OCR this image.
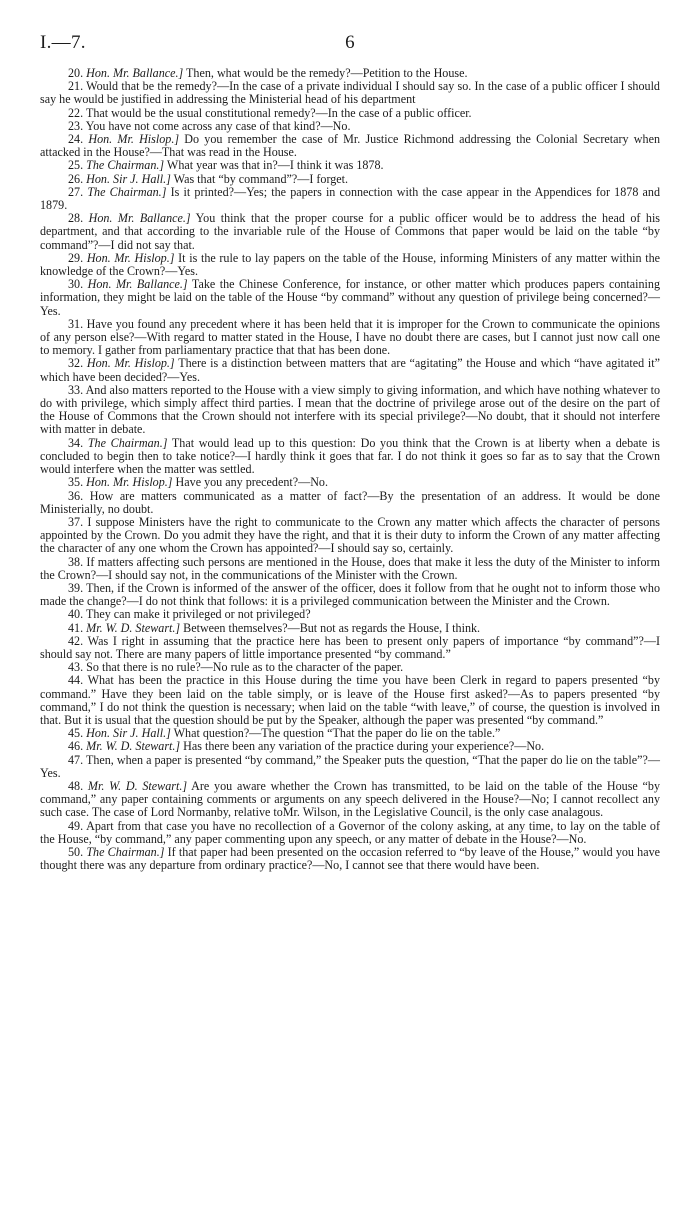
I.—7.	6

20. Hon. Mr. Ballance.] Then, what would be the remedy?—Petition to the House.

21. Would that be the remedy?—In the case of a private individual I should say so. In the case of a public officer I should say he would be justified in addressing the Ministerial head of his department

22. That would be the usual constitutional remedy?—In the case of a public officer.

23. You have not come across any case of that kind?—No.

24. Hon. Mr. Hislop.] Do you remember the case of Mr. Justice Richmond addressing the Colonial Secretary when attacked in the House?—That was read in the House.

25. The Chairman.] What year was that in?—I think it was 1878.

26. Hon. Sir J. Hall.] Was that “by command”?—I forget.

27. The Chairman.] Is it printed?—Yes; the papers in connection with the case appear in the Appendices for 1878 and 1879.

28. Hon. Mr. Ballance.] You think that the proper course for a public officer would be to address the head of his department, and that according to the invariable rule of the House of Commons that paper would be laid on the table “by command”?—I did not say that.

29. Hon. Mr. Hislop.] It is the rule to lay papers on the table of the House, informing Ministers of any matter within the knowledge of the Crown?—Yes.

30. Hon. Mr. Ballance.] Take the Chinese Conference, for instance, or other matter which produces papers containing information, they might be laid on the table of the House “by command” without any question of privilege being concerned?—Yes.

31. Have you found any precedent where it has been held that it is improper for the Crown to communicate the opinions of any person else?—With regard to matter stated in the House, I have no doubt there are cases, but I cannot just now call one to memory. I gather from parliamentary practice that that has been done.

32. Hon. Mr. Hislop.] There is a distinction between matters that are “agitating” the House and which “have agitated it” which have been decided?—Yes.

33. And also matters reported to the House with a view simply to giving information, and which have nothing whatever to do with privilege, which simply affect third parties. I mean that the doctrine of privilege arose out of the desire on the part of the House of Commons that the Crown should not interfere with its special privilege?—No doubt, that it should not interfere with matter in debate.

34. The Chairman.] That would lead up to this question: Do you think that the Crown is at liberty when a debate is concluded to begin then to take notice?—I hardly think it goes that far. I do not think it goes so far as to say that the Crown would interfere when the matter was settled.

35. Hon. Mr. Hislop.] Have you any precedent?—No.

36. How are matters communicated as a matter of fact?—By the presentation of an address. It would be done Ministerially, no doubt.

37. I suppose Ministers have the right to communicate to the Crown any matter which affects the character of persons appointed by the Crown. Do you admit they have the right, and that it is their duty to inform the Crown of any matter affecting the character of any one whom the Crown has appointed?—I should say so, certainly.

38. If matters affecting such persons are mentioned in the House, does that make it less the duty of the Minister to inform the Crown?—I should say not, in the communications of the Minister with the Crown.

39. Then, if the Crown is informed of the answer of the officer, does it follow from that he ought not to inform those who made the change?—I do not think that follows: it is a privileged communication between the Minister and the Crown.

40. They can make it privileged or not privileged?

41. Mr. W. D. Stewart.] Between themselves?—But not as regards the House, I think.

42. Was I right in assuming that the practice here has been to present only papers of importance “by command”?—I should say not. There are many papers of little importance presented “by command.”

43. So that there is no rule?—No rule as to the character of the paper.

44. What has been the practice in this House during the time you have been Clerk in regard to papers presented “by command.” Have they been laid on the table simply, or is leave of the House first asked?—As to papers presented “by command,” I do not think the question is necessary; when laid on the table “with leave,” of course, the question is involved in that. But it is usual that the question should be put by the Speaker, although the paper was presented “by command.”

45. Hon. Sir J. Hall.] What question?—The question “That the paper do lie on the table.”

46. Mr. W. D. Stewart.] Has there been any variation of the practice during your experience?—No.

47. Then, when a paper is presented “by command,” the Speaker puts the question, “That the paper do lie on the table”?—Yes.

48. Mr. W. D. Stewart.] Are you aware whether the Crown has transmitted, to be laid on the table of the House “by command,” any paper containing comments or arguments on any speech delivered in the House?—No; I cannot recollect any such case. The case of Lord Normanby, relative toMr. Wilson, in the Legislative Council, is the only case analagous.

49. Apart from that case you have no recollection of a Governor of the colony asking, at any time, to lay on the table of the House, “by command,” any paper commenting upon any speech, or any matter of debate in the House?—No.

50. The Chairman.] If that paper had been presented on the occasion referred to “by leave of the House,” would you have thought there was any departure from ordinary practice?—No, I cannot see that there would have been.
